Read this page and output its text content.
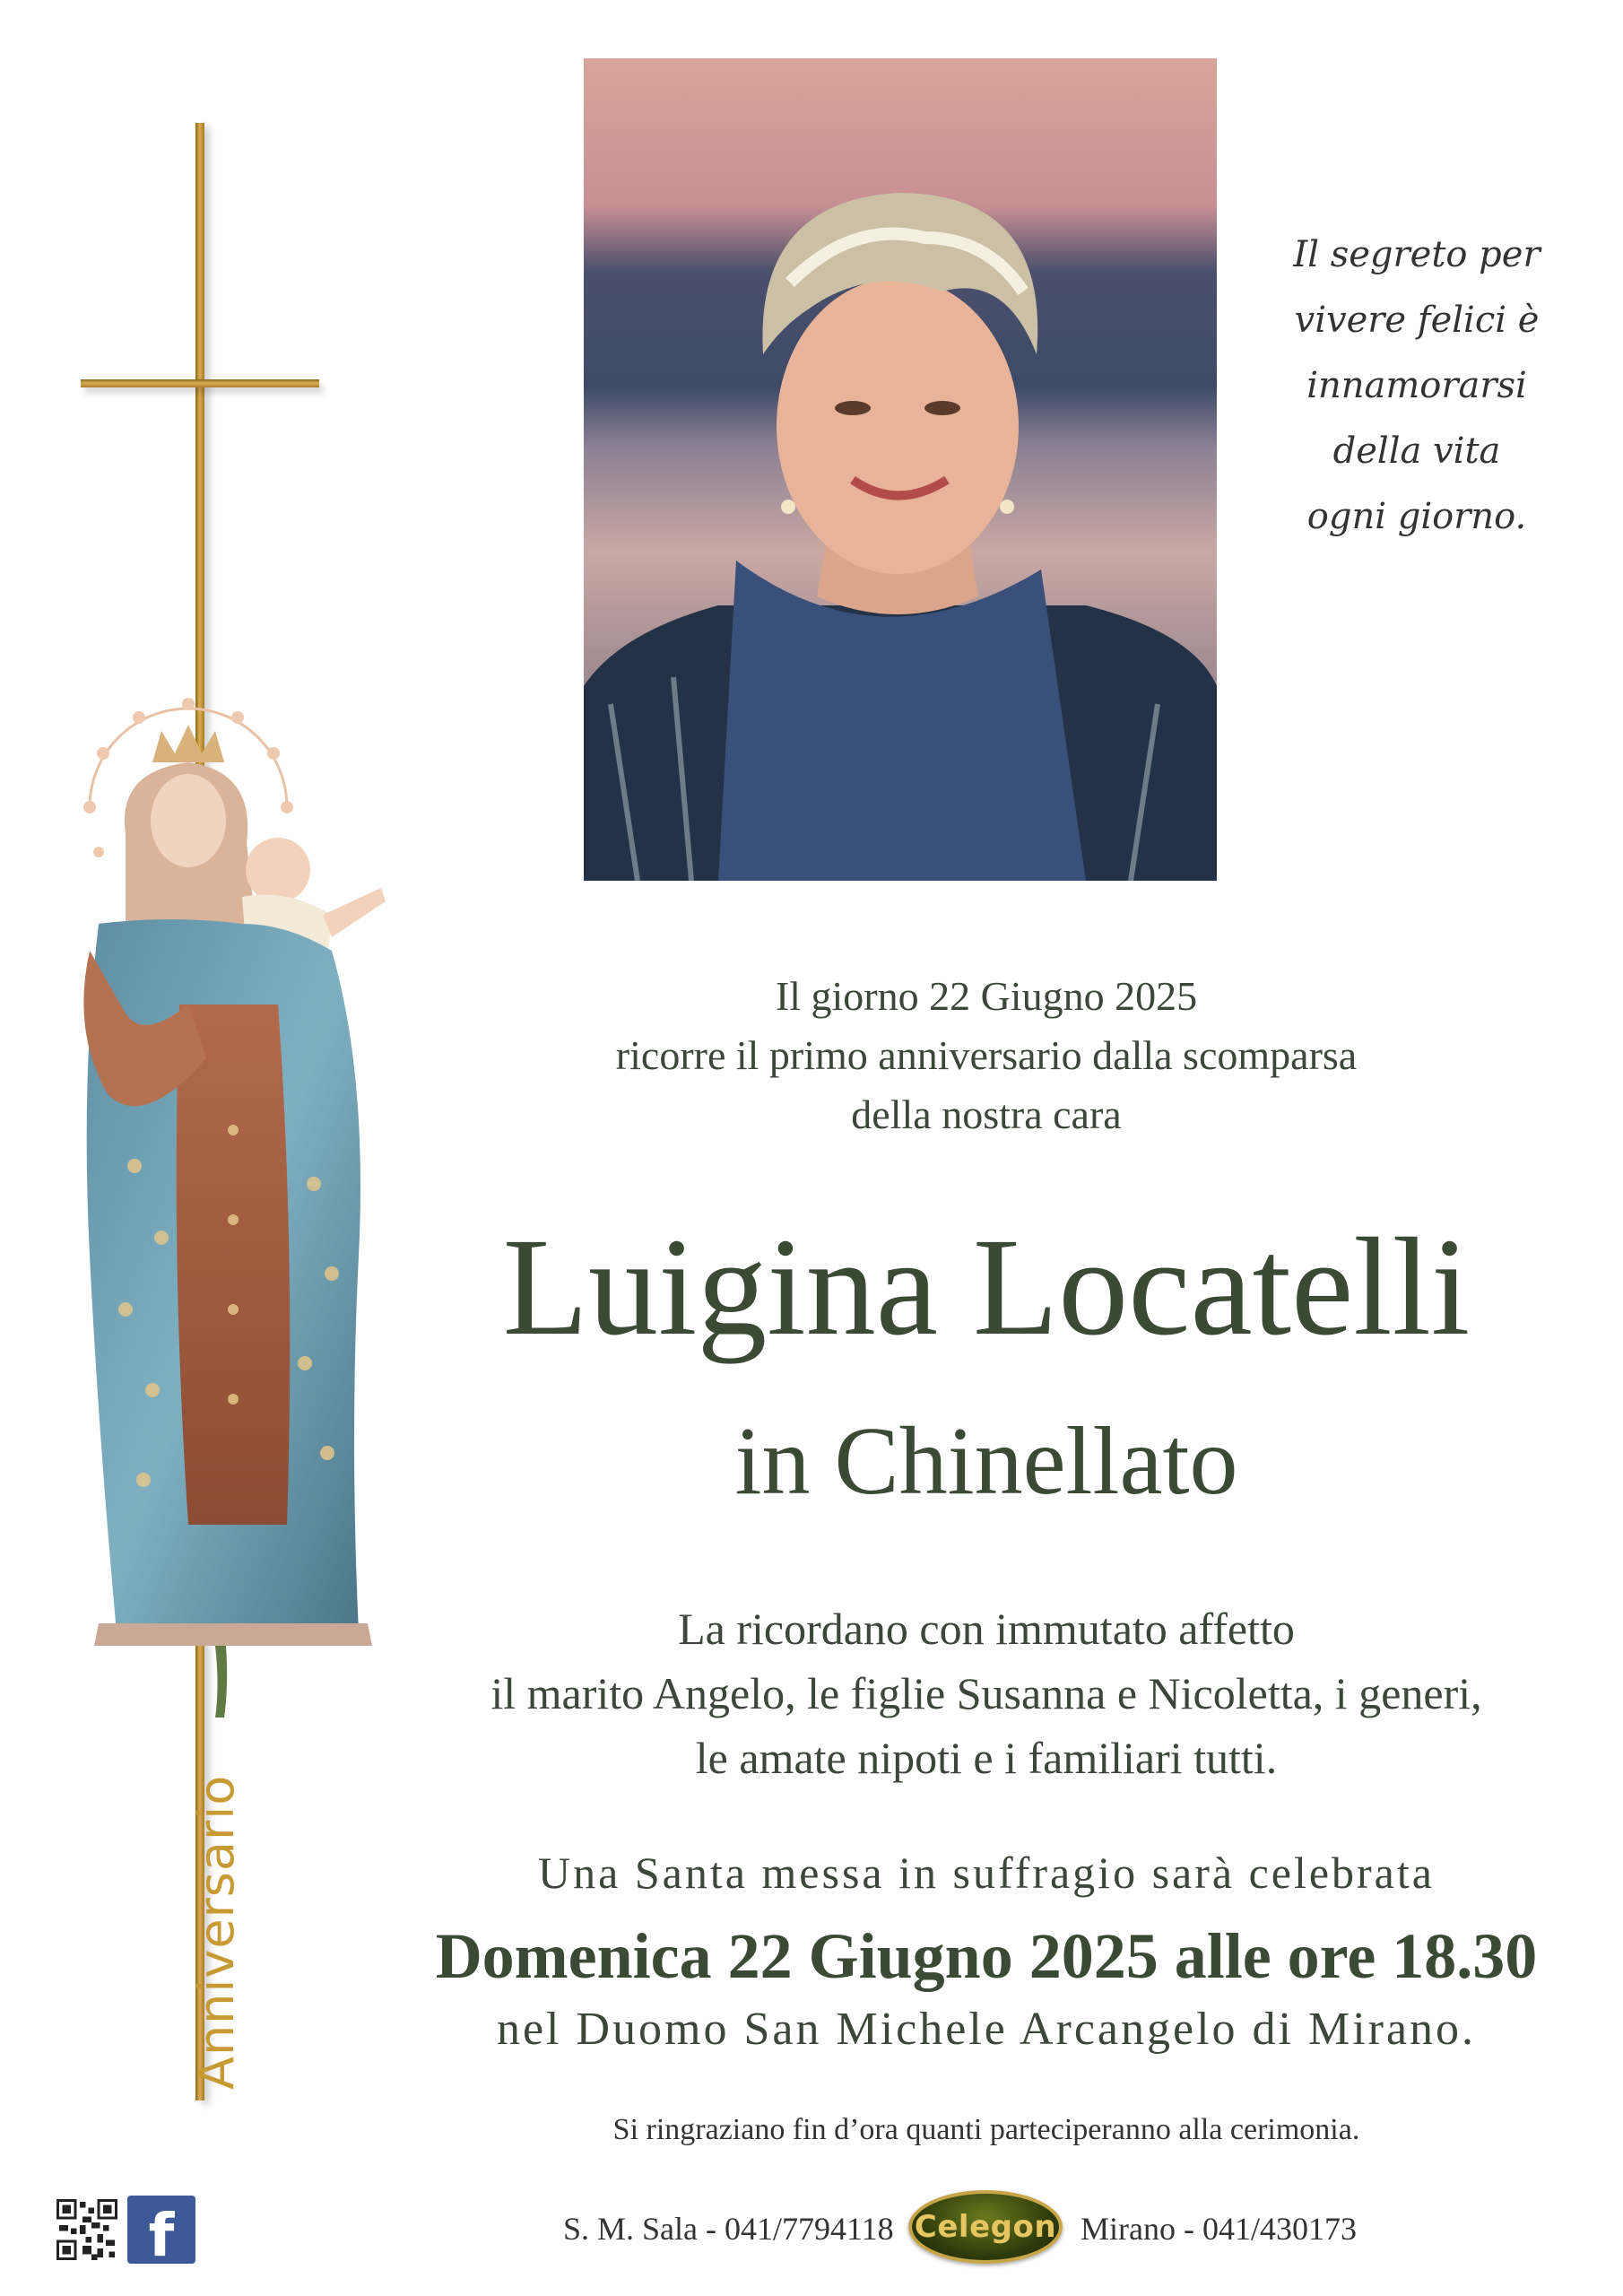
Anniversario
Il segreto per
vivere felici è
innamorarsi
della vita
ogni giorno.
Il giorno 22 Giugno 2025
ricorre il primo anniversario dalla scomparsa
della nostra cara
Luigina Locatelli
in Chinellato
La ricordano con immutato affetto
il marito Angelo, le figlie Susanna e Nicoletta, i generi,
le amate nipoti e i familiari tutti.
Una Santa messa in suffragio sarà celebrata
Domenica 22 Giugno 2025 alle ore 18.30
nel Duomo San Michele Arcangelo di Mirano.
Si ringraziano fin d’ora quanti parteciperanno alla cerimonia.
f	S. M. Sala - 041/7794118 Celegon Mirano - 041/430173
